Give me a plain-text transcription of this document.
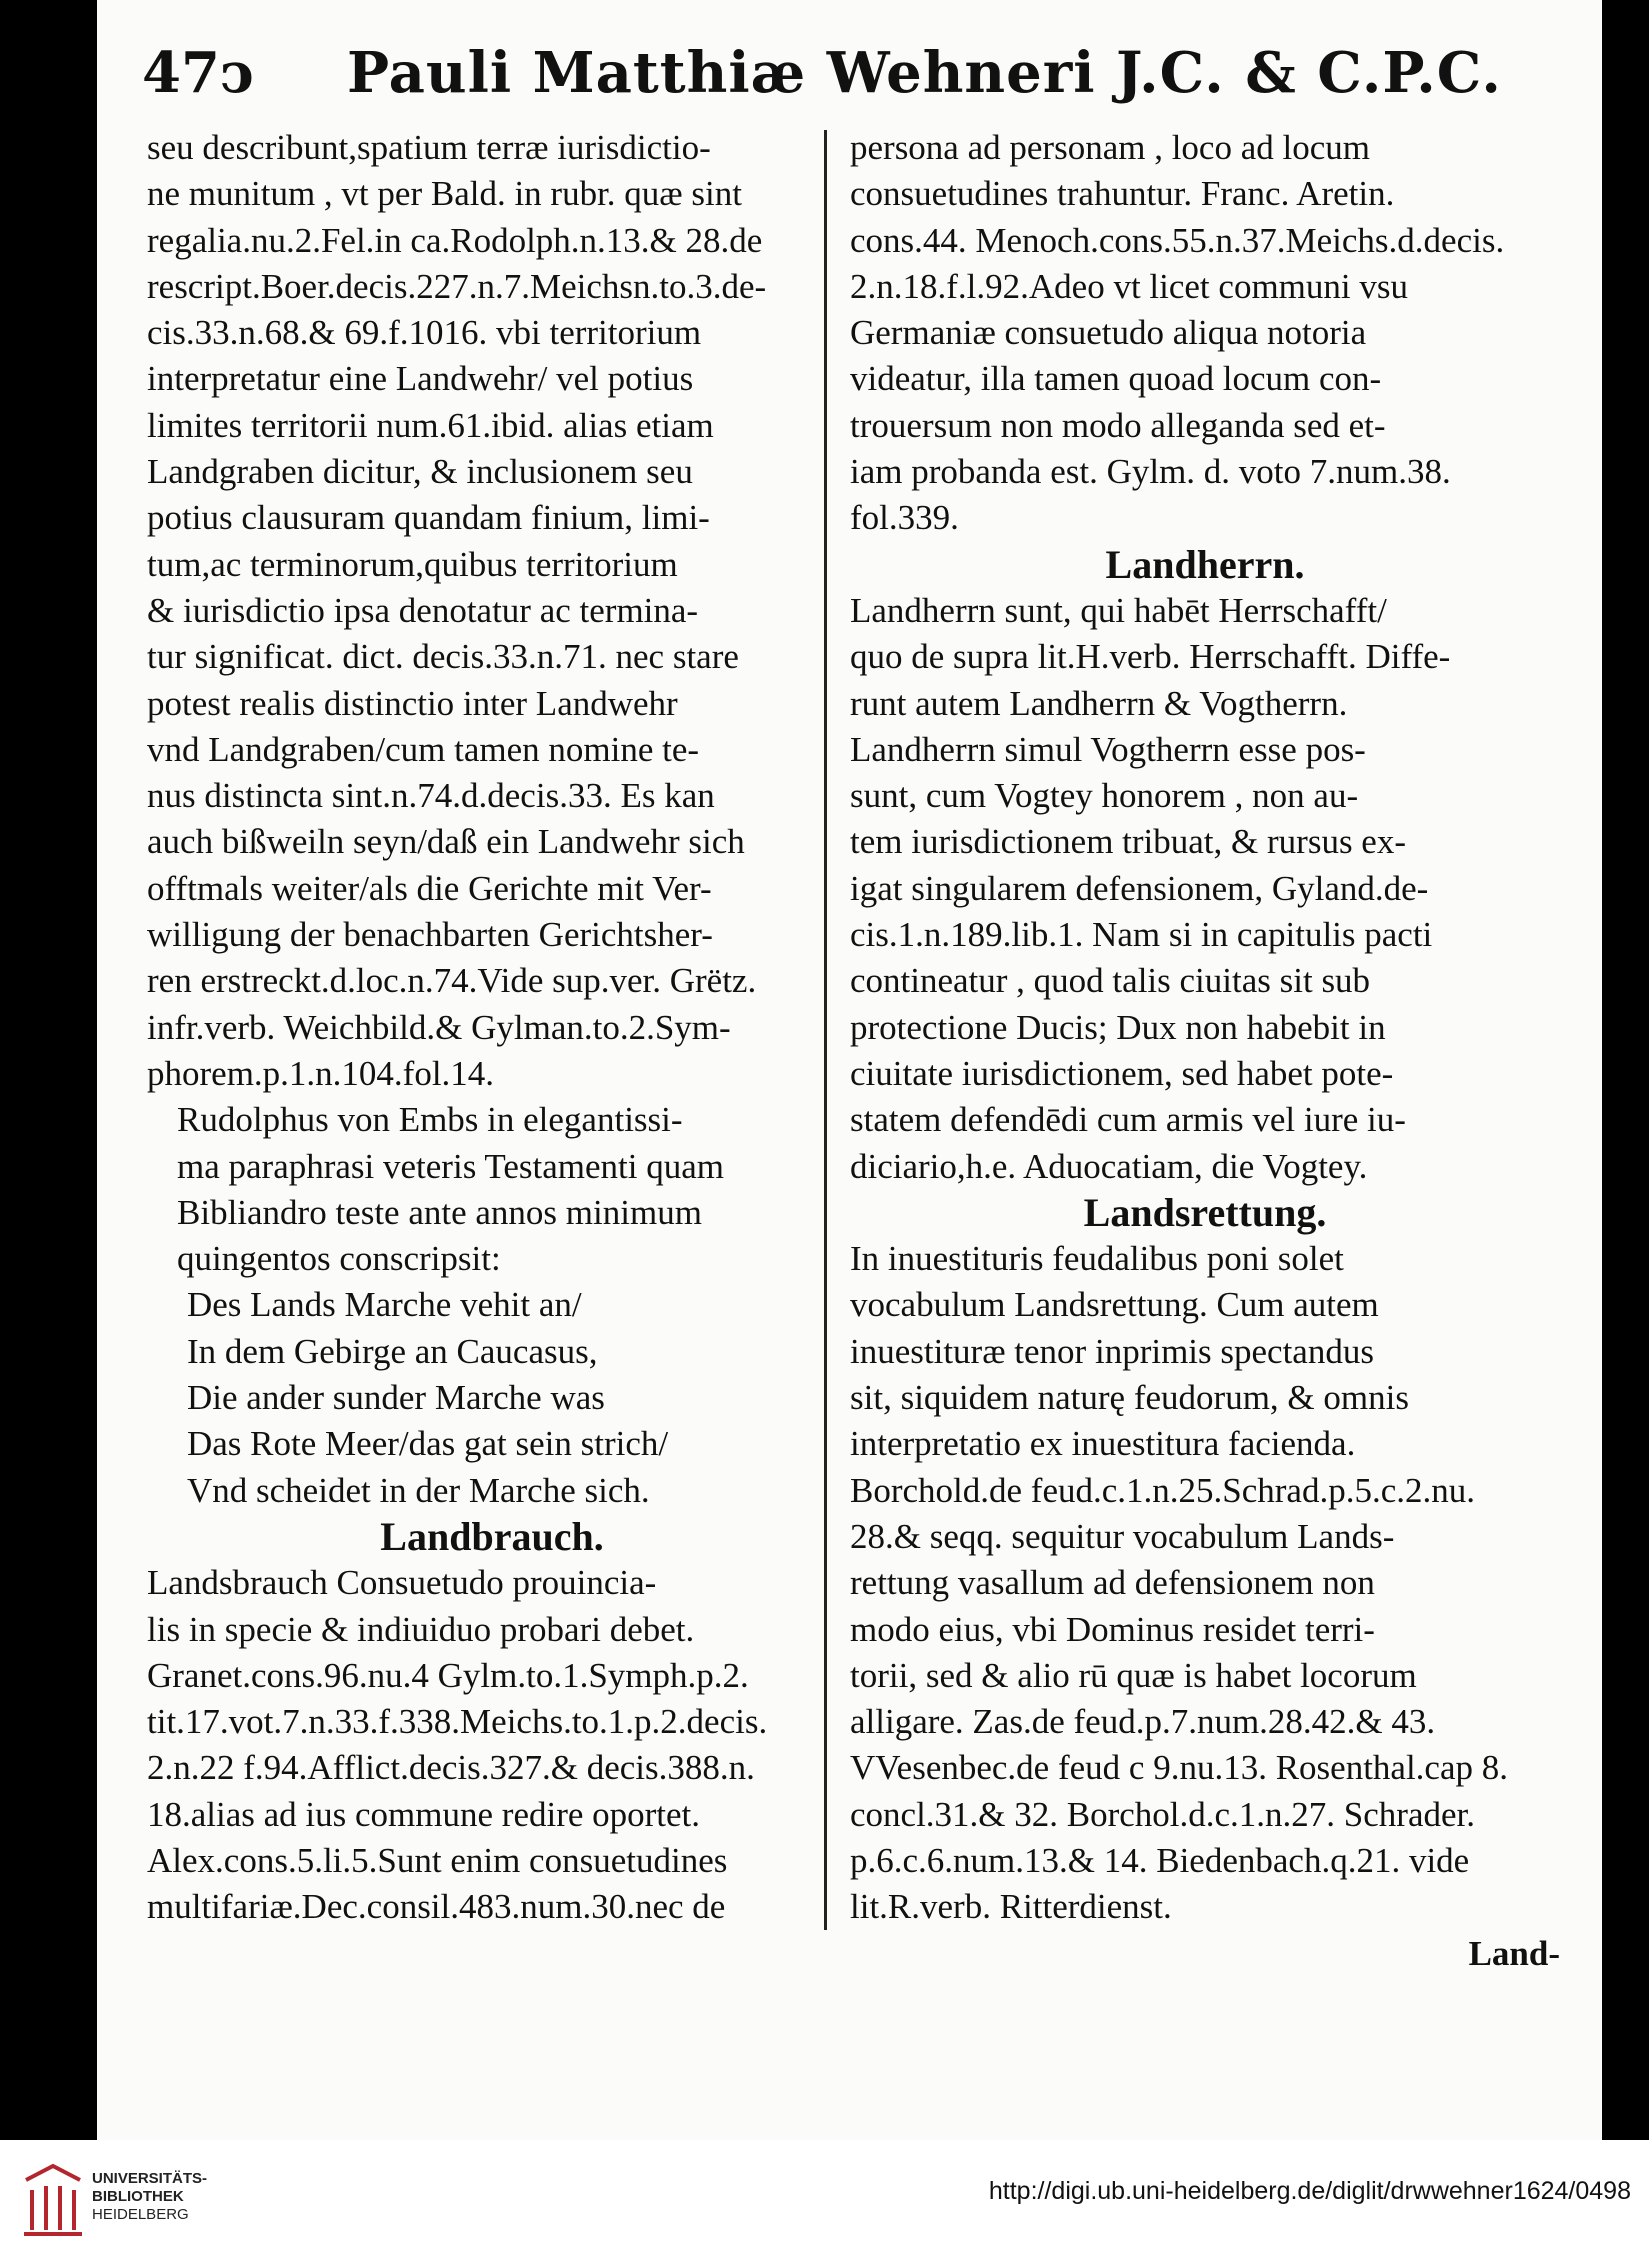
47ↄ Pauli Matthiæ Wehneri J.C. & C.P.C.
seu describunt,spatium terræ iurisdictio-
ne munitum , vt per Bald. in rubr. quæ sint
regalia.nu.2.Fel.in ca.Rodolph.n.13.& 28.de
rescript.Boer.decis.227.n.7.Meichsn.to.3.de-
cis.33.n.68.& 69.f.1016. vbi territorium
interpretatur eine Landwehr/ vel potius
limites territorii num.61.ibid. alias etiam
Landgraben dicitur, & inclusionem seu
potius clausuram quandam finium, limi-
tum,ac terminorum,quibus territorium
& iurisdictio ipsa denotatur ac termina-
tur significat. dict. decis.33.n.71. nec stare
potest realis distinctio inter Landwehr
vnd Landgraben/cum tamen nomine te-
nus distincta sint.n.74.d.decis.33. Es kan
auch bißweiln seyn/daß ein Landwehr sich
offtmals weiter/als die Gerichte mit Ver-
willigung der benachbarten Gerichtsher-
ren erstreckt.d.loc.n.74.Vide sup.ver. Grëtz.
infr.verb. Weichbild.& Gylman.to.2.Sym-
phorem.p.1.n.104.fol.14.
Rudolphus von Embs in elegantissi-
ma paraphrasi veteris Testamenti quam
Bibliandro teste ante annos minimum
quingentos conscripsit:
Des Lands Marche vehit an/
In dem Gebirge an Caucasus,
Die ander sunder Marche was
Das Rote Meer/das gat sein strich/
Vnd scheidet in der Marche sich.
Landbrauch.
Landsbrauch Consuetudo prouincia-
lis in specie & indiuiduo probari debet.
Granet.cons.96.nu.4 Gylm.to.1.Symph.p.2.
tit.17.vot.7.n.33.f.338.Meichs.to.1.p.2.decis.
2.n.22 f.94.Afflict.decis.327.& decis.388.n.
18.alias ad ius commune redire oportet.
Alex.cons.5.li.5.Sunt enim consuetudines
multifariæ.Dec.consil.483.num.30.nec de
persona ad personam , loco ad locum
consuetudines trahuntur. Franc. Aretin.
cons.44. Menoch.cons.55.n.37.Meichs.d.decis.
2.n.18.f.l.92.Adeo vt licet communi vsu
Germaniæ consuetudo aliqua notoria
videatur, illa tamen quoad locum con-
trouersum non modo alleganda sed et-
iam probanda est. Gylm. d. voto 7.num.38.
fol.339.
Landherrn.
Landherrn sunt, qui habēt Herrschafft/
quo de supra lit.H.verb. Herrschafft. Diffe-
runt autem Landherrn & Vogtherrn.
Landherrn simul Vogtherrn esse pos-
sunt, cum Vogtey honorem , non au-
tem iurisdictionem tribuat, & rursus ex-
igat singularem defensionem, Gyland.de-
cis.1.n.189.lib.1. Nam si in capitulis pacti
contineatur , quod talis ciuitas sit sub
protectione Ducis; Dux non habebit in
ciuitate iurisdictionem, sed habet pote-
statem defendēdi cum armis vel iure iu-
diciario,h.e. Aduocatiam, die Vogtey.
Landsrettung.
In inuestituris feudalibus poni solet
vocabulum Landsrettung. Cum autem
inuestituræ tenor inprimis spectandus
sit, siquidem naturę feudorum, & omnis
interpretatio ex inuestitura facienda.
Borchold.de feud.c.1.n.25.Schrad.p.5.c.2.nu.
28.& seqq. sequitur vocabulum Lands-
rettung vasallum ad defensionem non
modo eius, vbi Dominus residet terri-
torii, sed & alio rū quæ is habet locorum
alligare. Zas.de feud.p.7.num.28.42.& 43.
VVesenbec.de feud c 9.nu.13. Rosenthal.cap 8.
concl.31.& 32. Borchol.d.c.1.n.27. Schrader.
p.6.c.6.num.13.& 14. Biedenbach.q.21. vide
lit.R.verb. Ritterdienst.
Land-
UNIVERSITÄTS-
BIBLIOTHEK
HEIDELBERG
http://digi.ub.uni-heidelberg.de/diglit/drwwehner1624/0498
